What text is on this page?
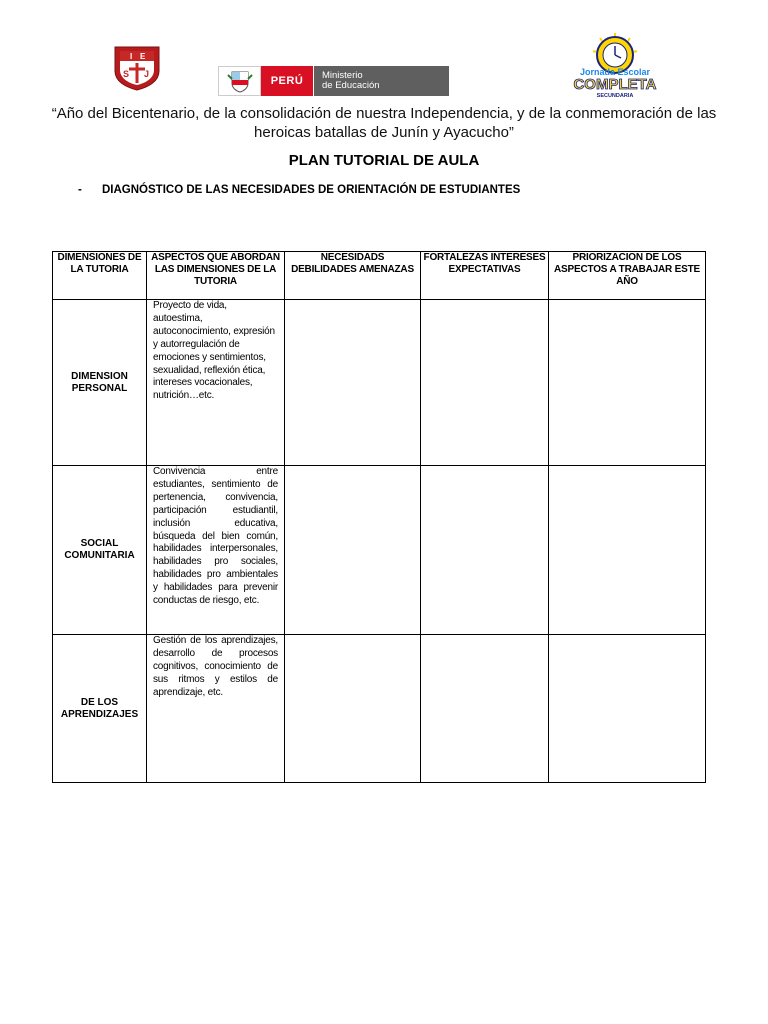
I E
S J
PERÚ	Ministerio
de Educación
Jornada Escolar
COMPLETA
SECUNDARIA
“Año del Bicentenario, de la consolidación de nuestra Independencia, y de la conmemoración de las heroicas batallas de Junín y Ayacucho”
PLAN TUTORIAL DE AULA
- DIAGNÓSTICO DE LAS NECESIDADES DE ORIENTACIÓN DE ESTUDIANTES
DIMENSIONES DE LA TUTORIA	ASPECTOS QUE ABORDAN LAS DIMENSIONES DE LA TUTORIA	NECESIDADS DEBILIDADES AMENAZAS	FORTALEZAS INTERESES EXPECTATIVAS	PRIORIZACION DE LOS ASPECTOS A TRABAJAR ESTE AÑO
DIMENSION PERSONAL	Proyecto de vida, autoestima, autoconocimiento, expresión y autorregulación de emociones y sentimientos, sexualidad, reflexión ética, intereses vocacionales, nutrición…etc.			
SOCIAL COMUNITARIA	Convivencia entre estudiantes, sentimiento de pertenencia, convivencia, participación estudiantil, inclusión educativa, búsqueda del bien común, habilidades interpersonales, habilidades pro sociales, habilidades pro ambientales y habilidades para prevenir conductas de riesgo, etc.			
DE LOS APRENDIZAJES	Gestión de los aprendizajes, desarrollo de procesos cognitivos, conocimiento de sus ritmos y estilos de aprendizaje, etc.			
